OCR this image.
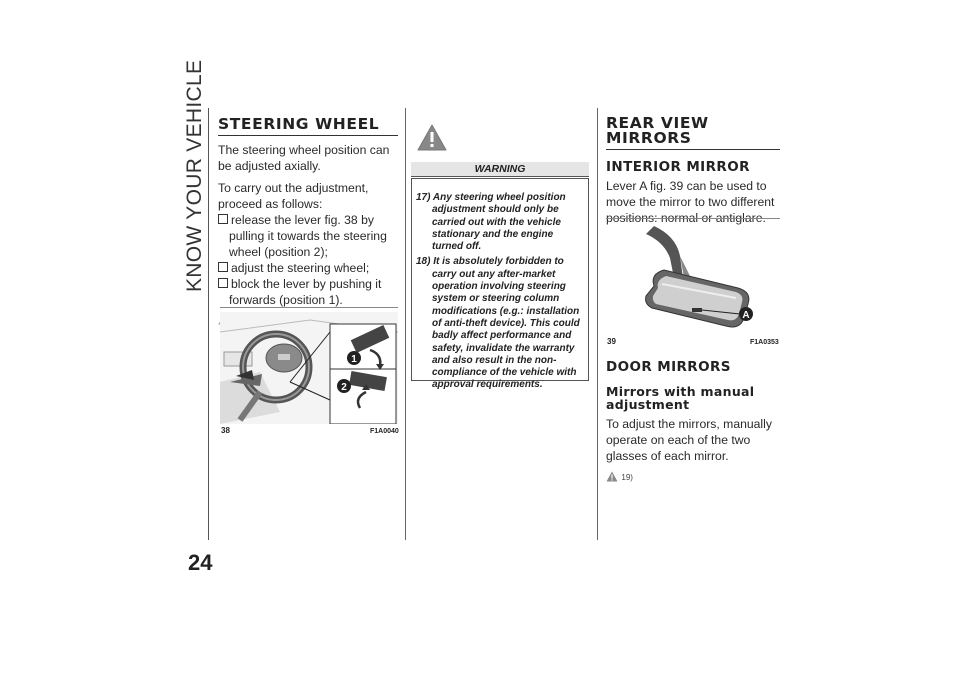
KNOW YOUR VEHICLE
24
STEERING WHEEL

The steering wheel position can be adjusted axially.

To carry out the adjustment, proceed as follows:

release the lever fig. 38 by pulling it towards the steering wheel (position 2);

adjust the steering wheel;

block the lever by pushing it forwards (position 1).

1
2
38	F1A0040
WARNING
17) Any steering wheel position adjustment should only be carried out with the vehicle stationary and the engine turned off.
18) It is absolutely forbidden to carry out any after-market operation involving steering system or steering column modifications (e.g.: installation of anti-theft device). This could badly affect performance and safety, invalidate the warranty and also result in the non-compliance of the vehicle with approval requirements.
REAR VIEW
MIRRORS
INTERIOR MIRROR

Lever A fig. 39 can be used to move the mirror to two different positions: normal or antiglare.

A
39	F1A0353
DOOR MIRRORS
Mirrors with manual
adjustment

To adjust the mirrors, manually operate on each of the two glasses of each mirror.

19)
